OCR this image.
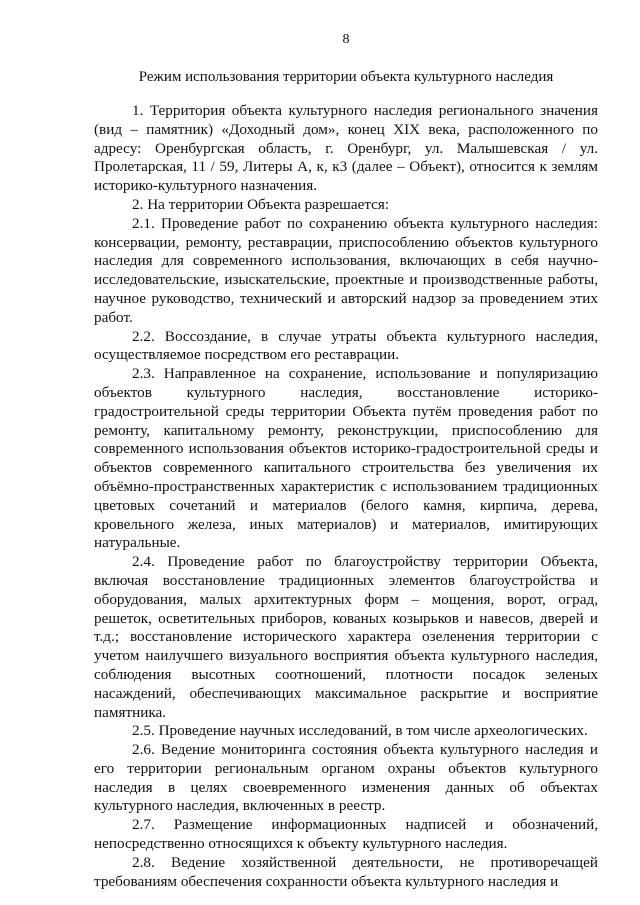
8
Режим использования территории объекта культурного наследия

1. Территория объекта культурного наследия регионального значения (вид – памятник) «Доходный дом», конец XIX века, расположенного по адресу: Оренбургская область, г. Оренбург, ул. Малышевская / ул. Пролетарская, 11 / 59, Литеры А, к, к3 (далее – Объект), относится к землям историко-культурного назначения.

2. На территории Объекта разрешается:

2.1. Проведение работ по сохранению объекта культурного наследия: консервации, ремонту, реставрации, приспособлению объектов культурного наследия для современного использования, включающих в себя научно-исследовательские, изыскательские, проектные и производственные работы, научное руководство, технический и авторский надзор за проведением этих работ.

2.2. Воссоздание, в случае утраты объекта культурного наследия, осуществляемое посредством его реставрации.

2.3. Направленное на сохранение, использование и популяризацию объектов культурного наследия, восстановление историко-градостроительной среды территории Объекта путём проведения работ по ремонту, капитальному ремонту, реконструкции, приспособлению для современного использования объектов историко-градостроительной среды и объектов современного капитального строительства без увеличения их объёмно-пространственных характеристик с использованием традиционных цветовых сочетаний и материалов (белого камня, кирпича, дерева, кровельного железа, иных материалов) и материалов, имитирующих натуральные.

2.4. Проведение работ по благоустройству территории Объекта, включая восстановление традиционных элементов благоустройства и оборудования, малых архитектурных форм – мощения, ворот, оград, решеток, осветительных приборов, кованых козырьков и навесов, дверей и т.д.; восстановление исторического характера озеленения территории с учетом наилучшего визуального восприятия объекта культурного наследия, соблюдения высотных соотношений, плотности посадок зеленых насаждений, обеспечивающих максимальное раскрытие и восприятие памятника.

2.5. Проведение научных исследований, в том числе археологических.

2.6. Ведение мониторинга состояния объекта культурного наследия и его территории региональным органом охраны объектов культурного наследия в целях своевременного изменения данных об объектах культурного наследия, включенных в реестр.

2.7. Размещение информационных надписей и обозначений, непосредственно относящихся к объекту культурного наследия.

2.8. Ведение хозяйственной деятельности, не противоречащей требованиям обеспечения сохранности объекта культурного наследия и
